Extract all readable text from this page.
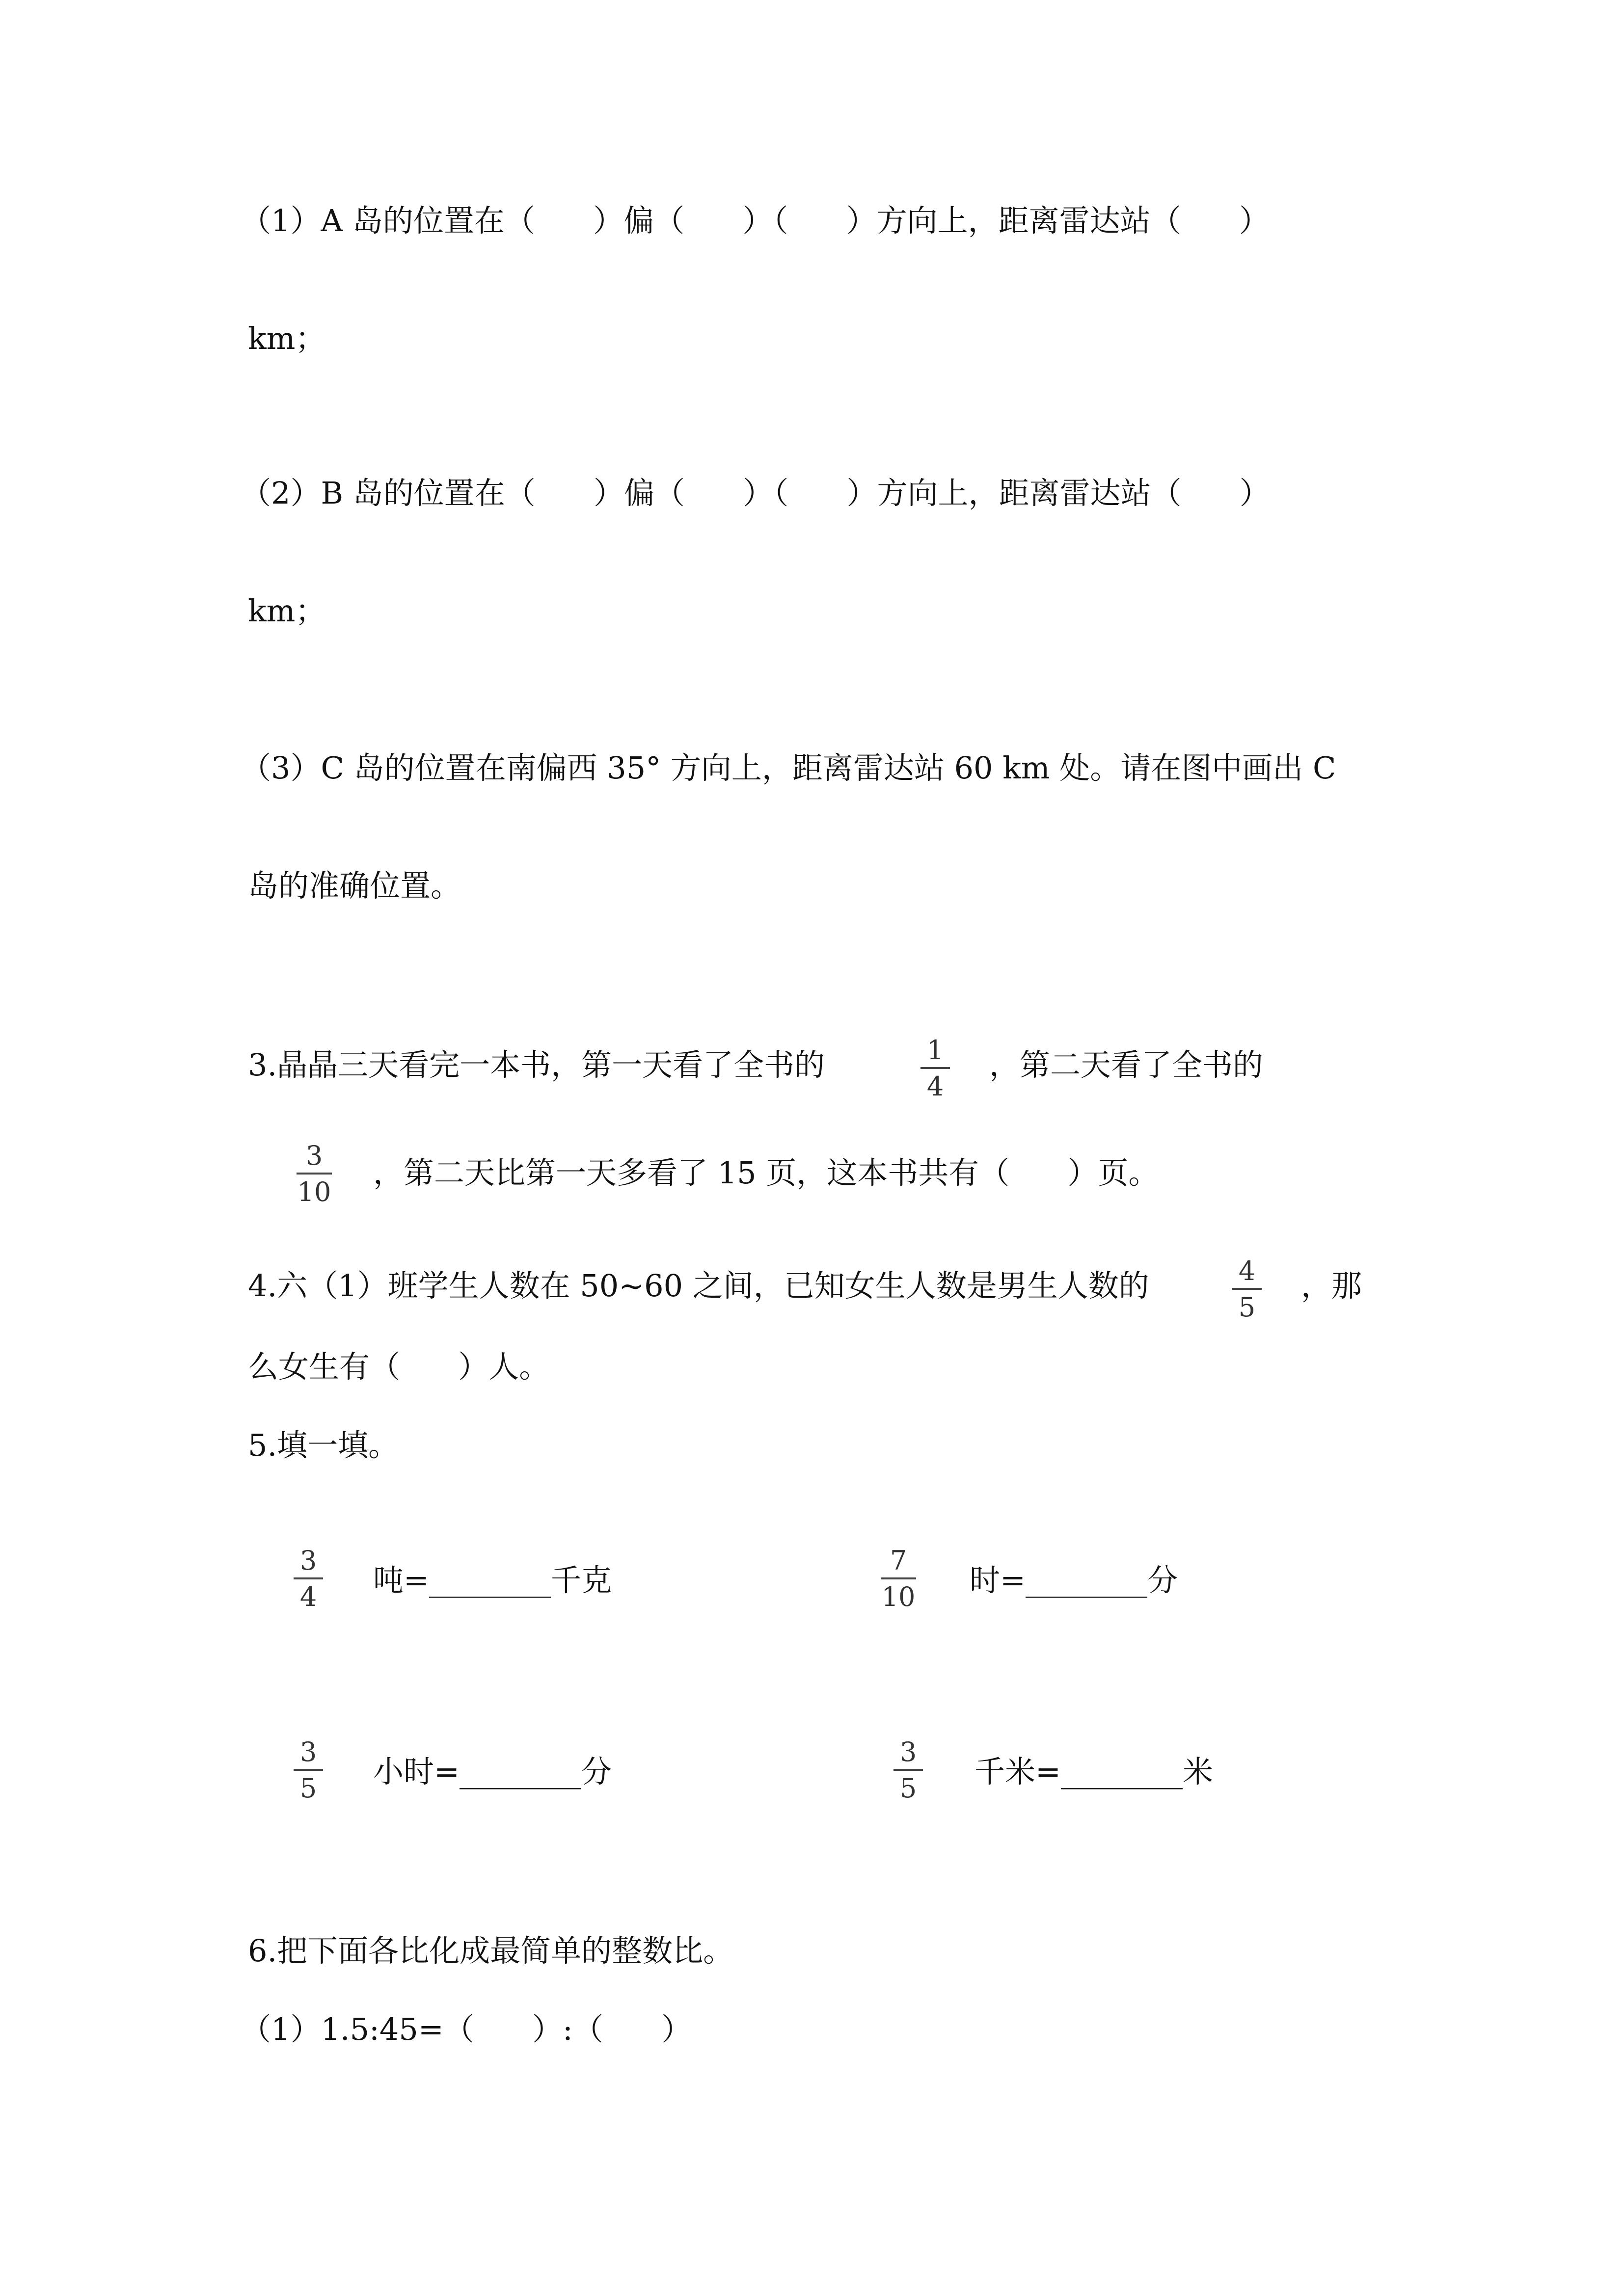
（1）A 岛的位置在（      ）偏（      ）（      ）方向上，距离雷达站（      ）
km；
（2）B 岛的位置在（      ）偏（      ）（      ）方向上，距离雷达站（      ）
km；
（3）C 岛的位置在南偏西 35° 方向上，距离雷达站 60 km 处。请在图中画出 C
岛的准确位置。
3.晶晶三天看完一本书，第一天看了全书的	1
4
，第二天看了全书的
3
10
，第二天比第一天多看了 15 页，这本书共有（      ）页。
4.六（1）班学生人数在 50~60 之间，已知女生人数是男生人数的	4
5
，那
么女生有（      ）人。
5.填一填。
3
4	吨=________千克
7
10 时=________分
3
5	小时=________分
3
5	千米=________米
6.把下面各比化成最简单的整数比。
（1）1.5:45=（      ）:（      ）
